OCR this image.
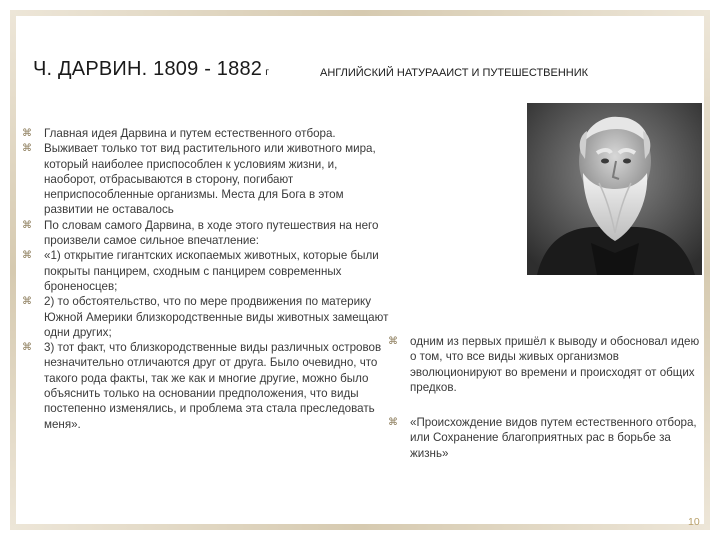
Ч. ДАРВИН. 1809 - 1882 г	АНГЛИЙСКИЙ НАТУРААИСТ И ПУТЕШЕСТВЕННИК
⌘ Главная идея Дарвина и путем естественного отбора.
⌘ Выживает только тот вид растительного или животного мира, который наиболее приспособлен к условиям жизни, и, наоборот, отбрасываются в сторону, погибают неприспособленные организмы. Места для Бога в этом развитии не оставалось
⌘ По словам самого Дарвина, в ходе этого путешествия на него произвели самое сильное впечатление:
⌘ «1) открытие гигантских ископаемых животных, которые были покрыты панцирем, сходным с панцирем современных броненосцев;
⌘ 2) то обстоятельство, что по мере продвижения по материку Южной Америки близкородственные виды животных замещают одни других;
⌘ 3) тот факт, что близкородственные виды различных островов незначительно отличаются друг от друга. Было очевидно, что такого рода факты, так же как и многие другие, можно было объяснить только на основании предположения, что виды постепенно изменялись, и проблема эта стала преследовать меня».
⌘ одним из первых пришёл к выводу и обосновал идею о том, что все виды живых организмов эволюционируют во времени и происходят от общих предков.
⌘ «Происхождение видов путем естественного отбора, или Сохранение благоприятных рас в борьбе за жизнь»
10
